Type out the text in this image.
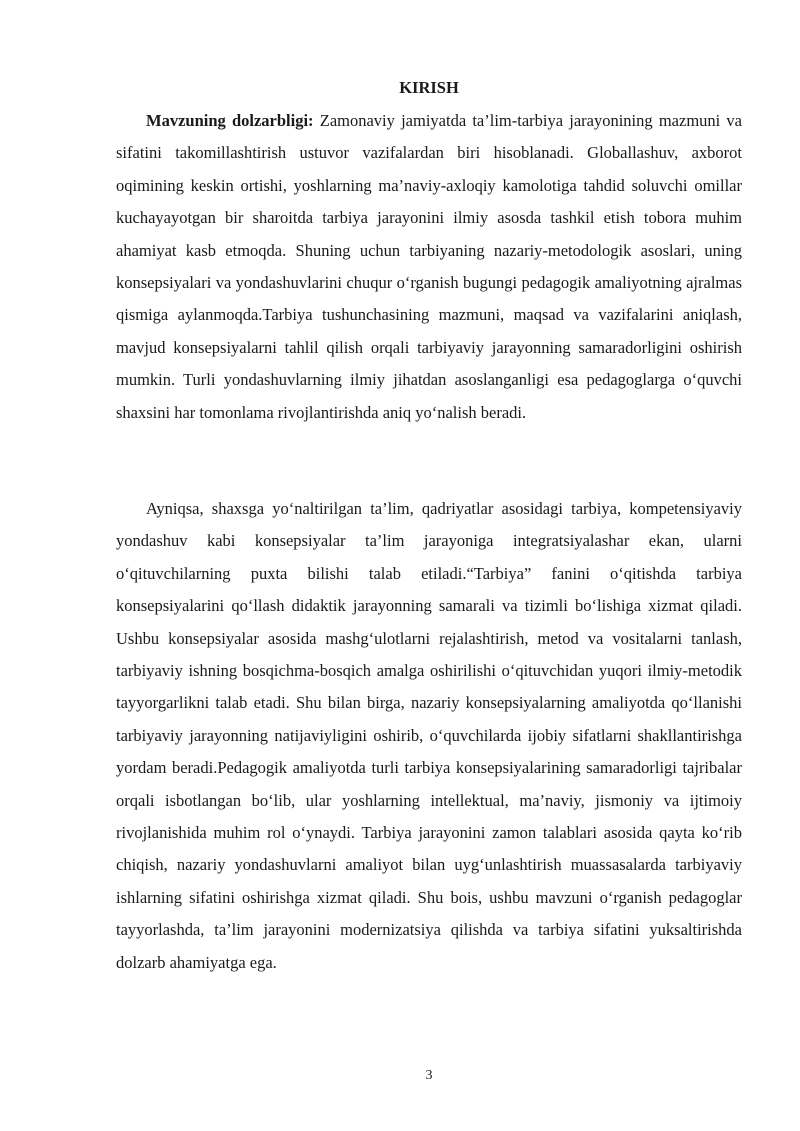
KIRISH

Mavzuning dolzarbligi: Zamonaviy jamiyatda ta’lim-tarbiya jarayonining mazmuni va sifatini takomillashtirish ustuvor vazifalardan biri hisoblanadi. Globallashuv, axborot oqimining keskin ortishi, yoshlarning ma’naviy-axloqiy kamolotiga tahdid soluvchi omillar kuchayayotgan bir sharoitda tarbiya jarayonini ilmiy asosda tashkil etish tobora muhim ahamiyat kasb etmoqda. Shuning uchun tarbiyaning nazariy-metodologik asoslari, uning konsepsiyalari va yondashuvlarini chuqur o‘rganish bugungi pedagogik amaliyotning ajralmas qismiga aylanmoqda.Tarbiya tushunchasining mazmuni, maqsad va vazifalarini aniqlash, mavjud konsepsiyalarni tahlil qilish orqali tarbiyaviy jarayonning samaradorligini oshirish mumkin. Turli yondashuvlarning ilmiy jihatdan asoslanganligi esa pedagoglarga o‘quvchi shaxsini har tomonlama rivojlantirishda aniq yo‘nalish beradi.

Ayniqsa, shaxsga yo‘naltirilgan ta’lim, qadriyatlar asosidagi tarbiya, kompetensiyaviy yondashuv kabi konsepsiyalar ta’lim jarayoniga integratsiyalashar ekan, ularni o‘qituvchilarning puxta bilishi talab etiladi.“Tarbiya” fanini o‘qitishda tarbiya konsepsiyalarini qo‘llash didaktik jarayonning samarali va tizimli bo‘lishiga xizmat qiladi. Ushbu konsepsiyalar asosida mashg‘ulotlarni rejalashtirish, metod va vositalarni tanlash, tarbiyaviy ishning bosqichma-bosqich amalga oshirilishi o‘qituvchidan yuqori ilmiy-metodik tayyorgarlikni talab etadi. Shu bilan birga, nazariy konsepsiyalarning amaliyotda qo‘llanishi tarbiyaviy jarayonning natijaviyligini oshirib, o‘quvchilarda ijobiy sifatlarni shakllantirishga yordam beradi.Pedagogik amaliyotda turli tarbiya konsepsiyalarining samaradorligi tajribalar orqali isbotlangan bo‘lib, ular yoshlarning intellektual, ma’naviy, jismoniy va ijtimoiy rivojlanishida muhim rol o‘ynaydi. Tarbiya jarayonini zamon talablari asosida qayta ko‘rib chiqish, nazariy yondashuvlarni amaliyot bilan uyg‘unlashtirish muassasalarda tarbiyaviy ishlarning sifatini oshirishga xizmat qiladi. Shu bois, ushbu mavzuni o‘rganish pedagoglar tayyorlashda, ta’lim jarayonini modernizatsiya qilishda va tarbiya sifatini yuksaltirishda dolzarb ahamiyatga ega.

3
